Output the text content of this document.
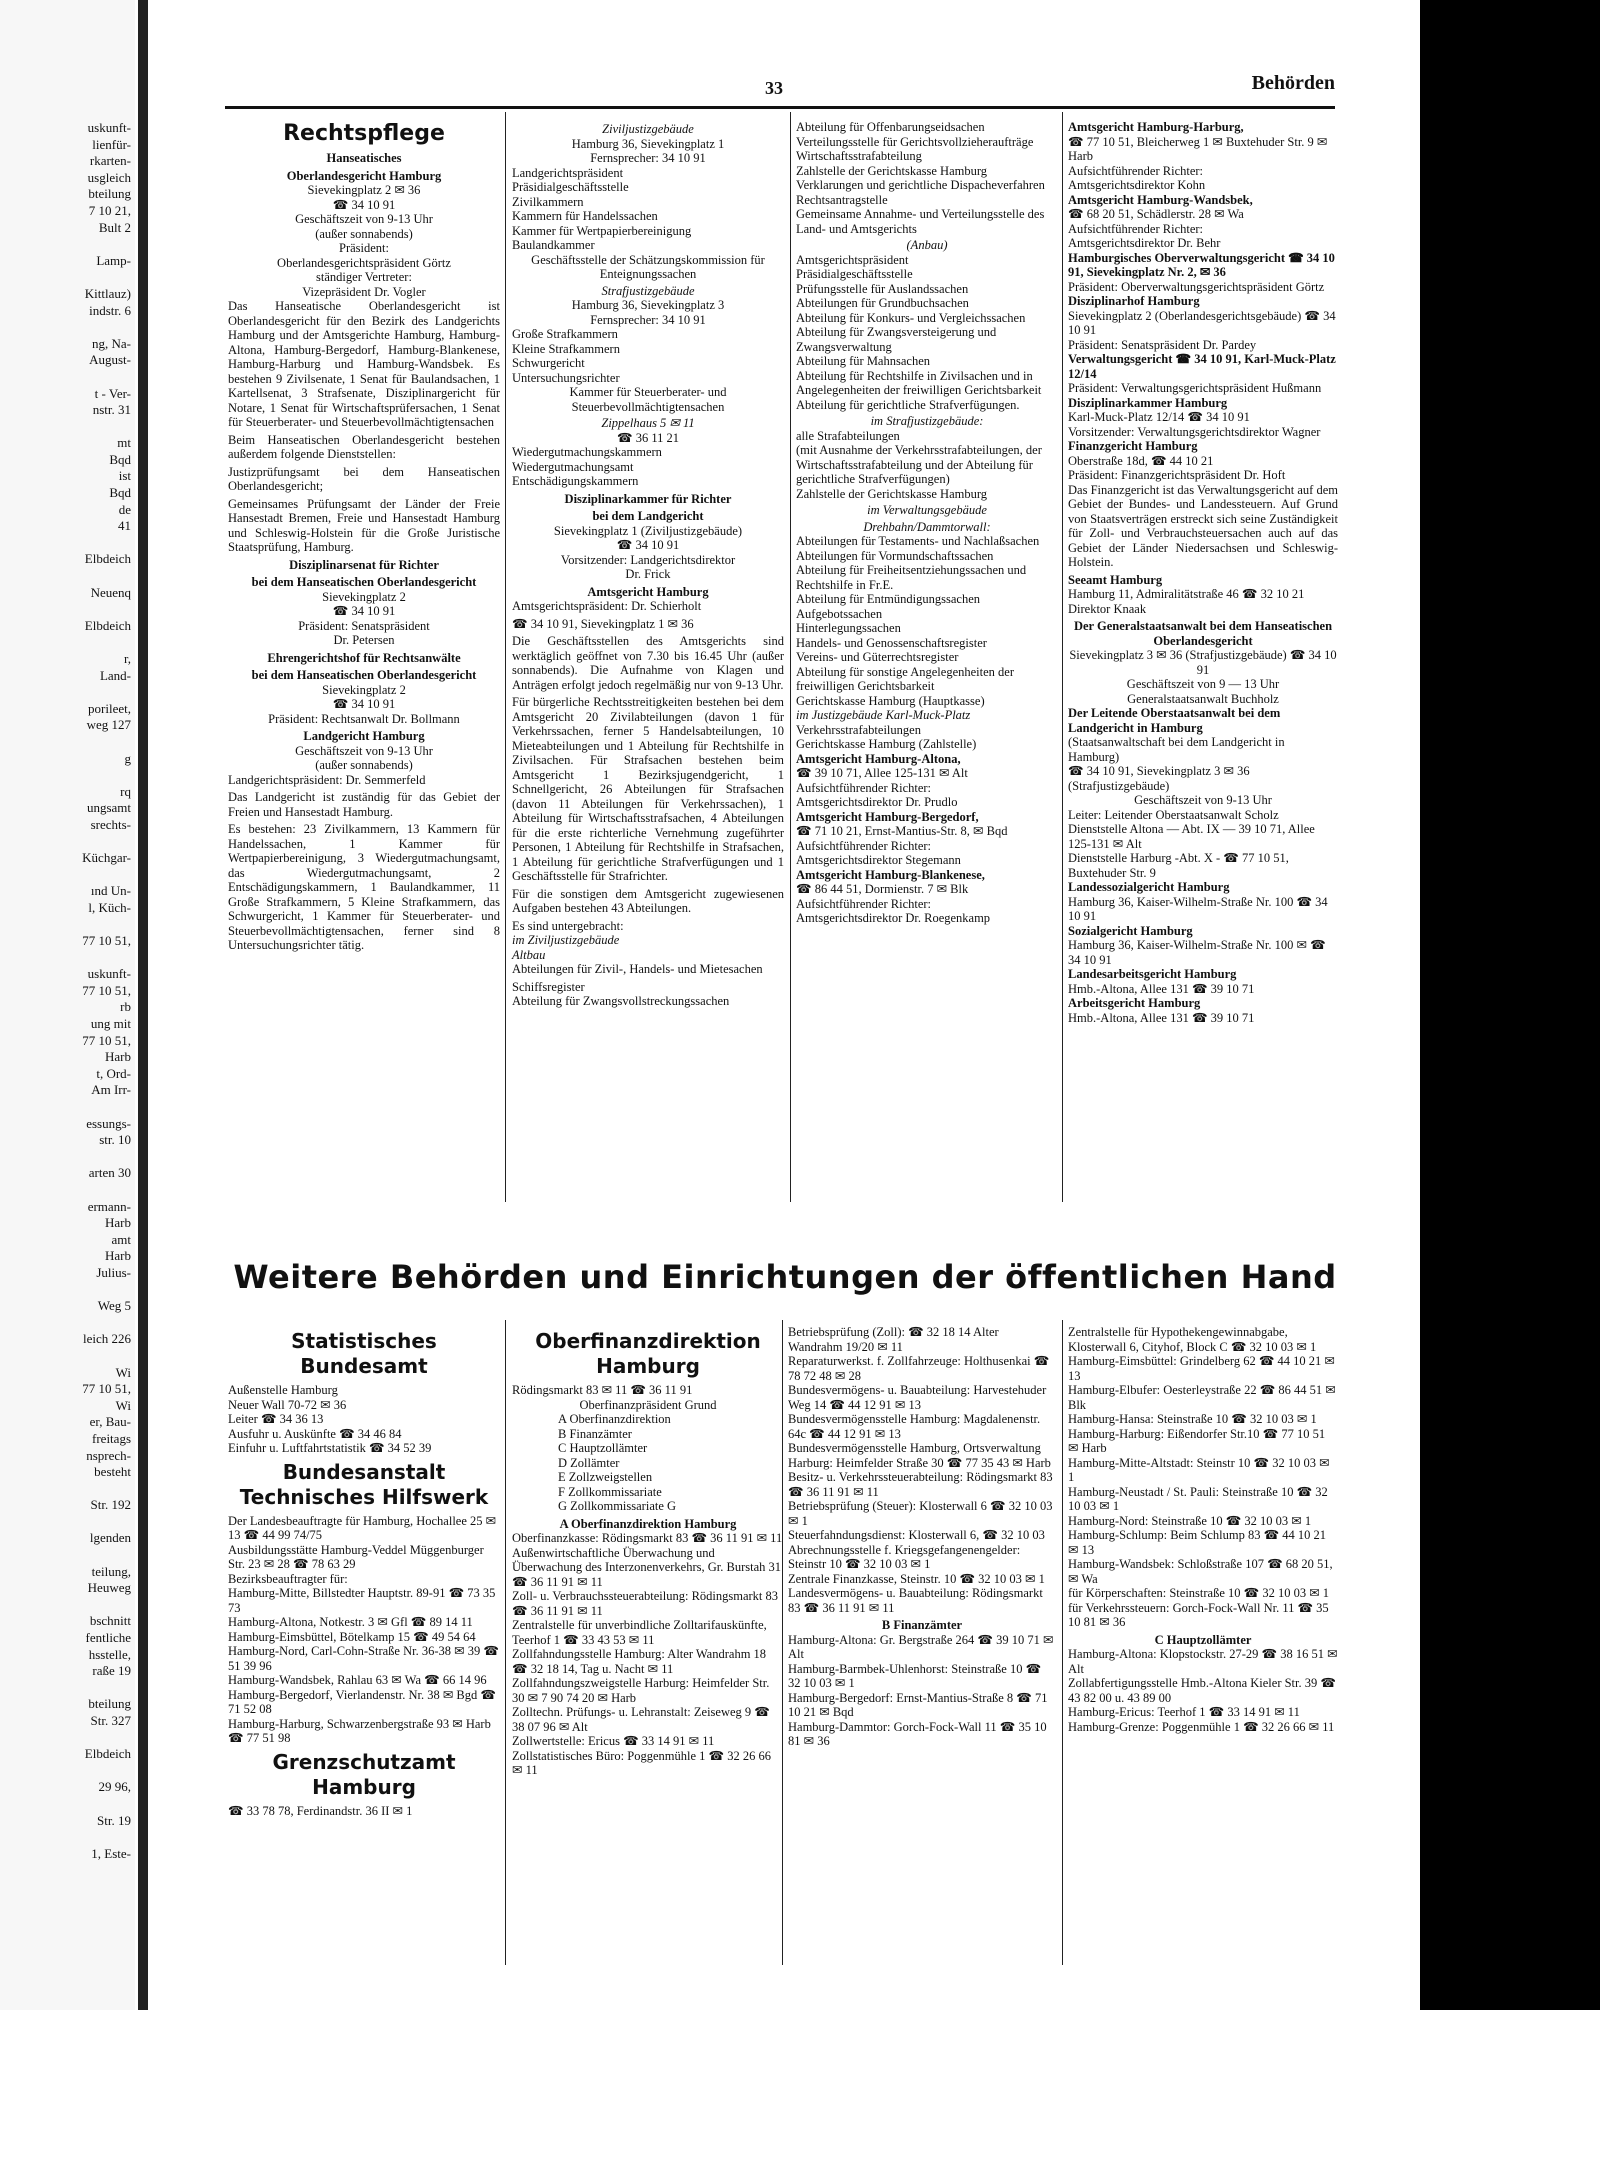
uskunft-
lienfür-
rkarten-
usgleich
bteilung
7 10 21,
Bult 2

Lamp-

Kittlauz)
indstr. 6

ng, Na-
August-

t - Ver-
nstr. 31

mt
Bqd
ist
Bqd
de
41

Elbdeich

Neuenq

Elbdeich

r,
Land-

porileet,
weg 127

g

rq
ungsamt
srechts-

Küchgar-

ınd Un-
l, Küch-

77 10 51,

uskunft-
77 10 51,
rb
ung mit
77 10 51,
Harb
t, Ord-
Am Irr-

essungs-
str. 10

arten 30

ermann-
Harb
amt
Harb
Julius-

Weg 5

leich 226

Wi
77 10 51,
Wi
er, Bau-
freitags
nsprech-
besteht

Str. 192

lgenden

teilung,
Heuweg

bschnitt
fentliche
hsstelle,
raße 19

bteilung
Str. 327

Elbdeich

29 96,

Str. 19

1, Este-
33	Behörden
Rechtspflege
Hanseatisches
Oberlandesgericht Hamburg
Sievekingplatz 2 ✉ 36
☎ 34 10 91
Geschäftszeit von 9-13 Uhr
(außer sonnabends)
Präsident:
Oberlandesgerichtspräsident Görtz
ständiger Vertreter:
Vizepräsident Dr. Vogler
Das Hanseatische Oberlandesgericht ist Oberlandesgericht für den Bezirk des Landgerichts Hamburg und der Amtsgerichte Hamburg, Hamburg-Altona, Hamburg-Bergedorf, Hamburg-Blankenese, Hamburg-Harburg und Hamburg-Wandsbek. Es bestehen 9 Zivilsenate, 1 Senat für Baulandsachen, 1 Kartellsenat, 3 Strafsenate, Disziplinargericht für Notare, 1 Senat für Wirtschaftsprüfersachen, 1 Senat für Steuerberater- und Steuerbevollmächtigtensachen
Beim Hanseatischen Oberlandesgericht bestehen außerdem folgende Dienststellen:
Justizprüfungsamt bei dem Hanseatischen Oberlandesgericht;
Gemeinsames Prüfungsamt der Länder der Freie Hansestadt Bremen, Freie und Hansestadt Hamburg und Schleswig-Holstein für die Große Juristische Staatsprüfung, Hamburg.
Disziplinarsenat für Richter
bei dem Hanseatischen Oberlandesgericht
Sievekingplatz 2
☎ 34 10 91
Präsident: Senatspräsident
Dr. Petersen
Ehrengerichtshof für Rechtsanwälte
bei dem Hanseatischen Oberlandesgericht
Sievekingplatz 2
☎ 34 10 91
Präsident: Rechtsanwalt Dr. Bollmann
Landgericht Hamburg
Geschäftszeit von 9-13 Uhr
(außer sonnabends)
Landgerichtspräsident: Dr. Semmerfeld
Das Landgericht ist zuständig für das Gebiet der Freien und Hansestadt Hamburg.
Es bestehen: 23 Zivilkammern, 13 Kammern für Handelssachen, 1 Kammer für Wertpapierbereinigung, 3 Wiedergutmachungsamt, das Wiedergutmachungsamt, 2 Entschädigungskammern, 1 Baulandkammer, 11 Große Strafkammern, 5 Kleine Strafkammern, das Schwurgericht, 1 Kammer für Steuerberater- und Steuerbevollmächtigtensachen, ferner sind 8 Untersuchungsrichter tätig.
Ziviljustizgebäude
Hamburg 36, Sievekingplatz 1
Fernsprecher: 34 10 91
Landgerichtspräsident
Präsidialgeschäftsstelle
Zivilkammern
Kammern für Handelssachen
Kammer für Wertpapierbereinigung
Baulandkammer
Geschäftsstelle der Schätzungskommission für Enteignungssachen
Strafjustizgebäude
Hamburg 36, Sievekingplatz 3
Fernsprecher: 34 10 91
Große Strafkammern
Kleine Strafkammern
Schwurgericht
Untersuchungsrichter
Kammer für Steuerberater- und Steuerbevollmächtigtensachen
Zippelhaus 5 ✉ 11
☎ 36 11 21
Wiedergutmachungskammern
Wiedergutmachungsamt
Entschädigungskammern
Disziplinarkammer für Richter
bei dem Landgericht
Sievekingplatz 1 (Ziviljustizgebäude)
☎ 34 10 91
Vorsitzender: Landgerichtsdirektor
Dr. Frick
Amtsgericht Hamburg
Amtsgerichtspräsident: Dr. Schierholt
☎ 34 10 91, Sievekingplatz 1 ✉ 36
Die Geschäftsstellen des Amtsgerichts sind werktäglich geöffnet von 7.30 bis 16.45 Uhr (außer sonnabends). Die Aufnahme von Klagen und Anträgen erfolgt jedoch regelmäßig nur von 9-13 Uhr.
Für bürgerliche Rechtsstreitigkeiten bestehen bei dem Amtsgericht 20 Zivilabteilungen (davon 1 für Verkehrssachen, ferner 5 Handelsabteilungen, 10 Mieteabteilungen und 1 Abteilung für Rechtshilfe in Zivilsachen. Für Strafsachen bestehen beim Amtsgericht 1 Bezirksjugendgericht, 1 Schnellgericht, 26 Abteilungen für Strafsachen (davon 11 Abteilungen für Verkehrssachen), 1 Abteilung für Wirtschaftsstrafsachen, 4 Abteilungen für die erste richterliche Vernehmung zugeführter Personen, 1 Abteilung für Rechtshilfe in Strafsachen, 1 Abteilung für gerichtliche Strafverfügungen und 1 Geschäftsstelle für Strafrichter.
Für die sonstigen dem Amtsgericht zugewiesenen Aufgaben bestehen 43 Abteilungen.
Es sind untergebracht:
im Ziviljustizgebäude
Altbau
Abteilungen für Zivil-, Handels- und Mietesachen
Schiffsregister
Abteilung für Zwangsvollstreckungssachen
Abteilung für Offenbarungseidsachen
Verteilungsstelle für Gerichtsvollzieheraufträge
Wirtschaftsstrafabteilung
Zahlstelle der Gerichtskasse Hamburg
Verklarungen und gerichtliche Dispacheverfahren
Rechtsantragstelle
Gemeinsame Annahme- und Verteilungsstelle des Land- und Amtsgerichts
(Anbau)
Amtsgerichtspräsident
Präsidialgeschäftsstelle
Prüfungsstelle für Auslandssachen
Abteilungen für Grundbuchsachen
Abteilung für Konkurs- und Vergleichssachen
Abteilung für Zwangsversteigerung und Zwangsverwaltung
Abteilung für Mahnsachen
Abteilung für Rechtshilfe in Zivilsachen und in Angelegenheiten der freiwilligen Gerichtsbarkeit
Abteilung für gerichtliche Strafverfügungen.
im Strafjustizgebäude:
alle Strafabteilungen
(mit Ausnahme der Verkehrsstrafabteilungen, der Wirtschaftsstrafabteilung und der Abteilung für gerichtliche Strafverfügungen)
Zahlstelle der Gerichtskasse Hamburg
im Verwaltungsgebäude
Drehbahn/Dammtorwall:
Abteilungen für Testaments- und Nachlaßsachen
Abteilungen für Vormundschaftssachen
Abteilung für Freiheitsentziehungssachen und Rechtshilfe in Fr.E.
Abteilung für Entmündigungssachen
Aufgebotssachen
Hinterlegungssachen
Handels- und Genossenschaftsregister
Vereins- und Güterrechtsregister
Abteilung für sonstige Angelegenheiten der freiwilligen Gerichtsbarkeit
Gerichtskasse Hamburg (Hauptkasse)
im Justizgebäude Karl-Muck-Platz
Verkehrsstrafabteilungen
Gerichtskasse Hamburg (Zahlstelle)
Amtsgericht Hamburg-Altona,
☎ 39 10 71, Allee 125-131 ✉ Alt
Aufsichtführender Richter:
Amtsgerichtsdirektor Dr. Prudlo
Amtsgericht Hamburg-Bergedorf,
☎ 71 10 21, Ernst-Mantius-Str. 8, ✉ Bqd
Aufsichtführender Richter:
Amtsgerichtsdirektor Stegemann
Amtsgericht Hamburg-Blankenese,
☎ 86 44 51, Dormienstr. 7 ✉ Blk
Aufsichtführender Richter:
Amtsgerichtsdirektor Dr. Roegenkamp
Amtsgericht Hamburg-Harburg,
☎ 77 10 51, Bleicherweg 1 ✉ Buxtehuder Str. 9 ✉ Harb
Aufsichtführender Richter:
Amtsgerichtsdirektor Kohn
Amtsgericht Hamburg-Wandsbek,
☎ 68 20 51, Schädlerstr. 28 ✉ Wa
Aufsichtführender Richter:
Amtsgerichtsdirektor Dr. Behr
Hamburgisches Oberverwaltungsgericht ☎ 34 10 91, Sievekingplatz Nr. 2, ✉ 36
Präsident: Oberverwaltungsgerichtspräsident Görtz
Disziplinarhof Hamburg
Sievekingplatz 2 (Oberlandesgerichtsgebäude) ☎ 34 10 91
Präsident: Senatspräsident Dr. Pardey
Verwaltungsgericht ☎ 34 10 91, Karl-Muck-Platz 12/14
Präsident: Verwaltungsgerichtspräsident Hußmann
Disziplinarkammer Hamburg
Karl-Muck-Platz 12/14 ☎ 34 10 91
Vorsitzender: Verwaltungsgerichtsdirektor Wagner
Finanzgericht Hamburg
Oberstraße 18d, ☎ 44 10 21
Präsident: Finanzgerichtspräsident Dr. Hoft
Das Finanzgericht ist das Verwaltungsgericht auf dem Gebiet der Bundes- und Landessteuern. Auf Grund von Staatsverträgen erstreckt sich seine Zuständigkeit für Zoll- und Verbrauchsteuersachen auch auf das Gebiet der Länder Niedersachsen und Schleswig-Holstein.
Seeamt Hamburg
Hamburg 11, Admiralitätstraße 46 ☎ 32 10 21
Direktor Knaak
Der Generalstaatsanwalt bei dem Hanseatischen Oberlandesgericht
Sievekingplatz 3 ✉ 36 (Strafjustizgebäude) ☎ 34 10 91
Geschäftszeit von 9 — 13 Uhr
Generalstaatsanwalt Buchholz
Der Leitende Oberstaatsanwalt bei dem Landgericht in Hamburg
(Staatsanwaltschaft bei dem Landgericht in Hamburg)
☎ 34 10 91, Sievekingplatz 3 ✉ 36
(Strafjustizgebäude)
Geschäftszeit von 9-13 Uhr
Leiter: Leitender Oberstaatsanwalt Scholz
Dienststelle Altona — Abt. IX — 39 10 71, Allee 125-131 ✉ Alt
Dienststelle Harburg -Abt. X - ☎ 77 10 51, Buxtehuder Str. 9
Landessozialgericht Hamburg
Hamburg 36, Kaiser-Wilhelm-Straße Nr. 100 ☎ 34 10 91
Sozialgericht Hamburg
Hamburg 36, Kaiser-Wilhelm-Straße Nr. 100 ✉ ☎ 34 10 91
Landesarbeitsgericht Hamburg
Hmb.-Altona, Allee 131 ☎ 39 10 71
Arbeitsgericht Hamburg
Hmb.-Altona, Allee 131 ☎ 39 10 71
Weitere Behörden und Einrichtungen der öffentlichen Hand
Statistisches Bundesamt
Außenstelle Hamburg
Neuer Wall 70-72 ✉ 36
Leiter ☎ 34 36 13
Ausfuhr u. Auskünfte ☎ 34 46 84
Einfuhr u. Luftfahrtstatistik ☎ 34 52 39
Bundesanstalt Technisches Hilfswerk
Der Landesbeauftragte für Hamburg, Hochallee 25 ✉ 13 ☎ 44 99 74/75
Ausbildungsstätte Hamburg-Veddel Müggenburger Str. 23 ✉ 28 ☎ 78 63 29
Bezirksbeauftragter für:
Hamburg-Mitte, Billstedter Hauptstr. 89-91 ☎ 73 35 73
Hamburg-Altona, Notkestr. 3 ✉ Gfl ☎ 89 14 11
Hamburg-Eimsbüttel, Bötelkamp 15 ☎ 49 54 64
Hamburg-Nord, Carl-Cohn-Straße Nr. 36-38 ✉ 39 ☎ 51 39 96
Hamburg-Wandsbek, Rahlau 63 ✉ Wa ☎ 66 14 96
Hamburg-Bergedorf, Vierlandenstr. Nr. 38 ✉ Bgd ☎ 71 52 08
Hamburg-Harburg, Schwarzenbergstraße 93 ✉ Harb ☎ 77 51 98
Grenzschutzamt Hamburg
☎ 33 78 78, Ferdinandstr. 36 II ✉ 1
Oberfinanzdirektion Hamburg
Rödingsmarkt 83 ✉ 11 ☎ 36 11 91
Oberfinanzpräsident Grund
A Oberfinanzdirektion
B Finanzämter
C Hauptzollämter
D Zollämter
E Zollzweigstellen
F Zollkommissariate
G Zollkommissariate G
A Oberfinanzdirektion Hamburg
Oberfinanzkasse: Rödingsmarkt 83 ☎ 36 11 91 ✉ 11
Außenwirtschaftliche Überwachung und Überwachung des Interzonenverkehrs, Gr. Burstah 31 ☎ 36 11 91 ✉ 11
Zoll- u. Verbrauchssteuerabteilung: Rödingsmarkt 83 ☎ 36 11 91 ✉ 11
Zentralstelle für unverbindliche Zolltarifauskünfte, Teerhof 1 ☎ 33 43 53 ✉ 11
Zollfahndungsstelle Hamburg: Alter Wandrahm 18 ☎ 32 18 14, Tag u. Nacht ✉ 11
Zollfahndungszweigstelle Harburg: Heimfelder Str. 30 ✉ 7 90 74 20 ✉ Harb
Zolltechn. Prüfungs- u. Lehranstalt: Zeiseweg 9 ☎ 38 07 96 ✉ Alt
Zollwertstelle: Ericus ☎ 33 14 91 ✉ 11
Zollstatistisches Büro: Poggenmühle 1 ☎ 32 26 66 ✉ 11
Betriebsprüfung (Zoll): ☎ 32 18 14 Alter Wandrahm 19/20 ✉ 11
Reparaturwerkst. f. Zollfahrzeuge: Holthusenkai ☎ 78 72 48 ✉ 28
Bundesvermögens- u. Bauabteilung: Harvestehuder Weg 14 ☎ 44 12 91 ✉ 13
Bundesvermögensstelle Hamburg: Magdalenenstr. 64c ☎ 44 12 91 ✉ 13
Bundesvermögensstelle Hamburg, Ortsverwaltung Harburg: Heimfelder Straße 30 ☎ 77 35 43 ✉ Harb
Besitz- u. Verkehrssteuerabteilung: Rödingsmarkt 83 ☎ 36 11 91 ✉ 11
Betriebsprüfung (Steuer): Klosterwall 6 ☎ 32 10 03 ✉ 1
Steuerfahndungsdienst: Klosterwall 6, ☎ 32 10 03
Abrechnungsstelle f. Kriegsgefangenengelder: Steinstr 10 ☎ 32 10 03 ✉ 1
Zentrale Finanzkasse, Steinstr. 10 ☎ 32 10 03 ✉ 1
Landesvermögens- u. Bauabteilung: Rödingsmarkt 83 ☎ 36 11 91 ✉ 11
B Finanzämter
Hamburg-Altona: Gr. Bergstraße 264 ☎ 39 10 71 ✉ Alt
Hamburg-Barmbek-Uhlenhorst: Steinstraße 10 ☎ 32 10 03 ✉ 1
Hamburg-Bergedorf: Ernst-Mantius-Straße 8 ☎ 71 10 21 ✉ Bqd
Hamburg-Dammtor: Gorch-Fock-Wall 11 ☎ 35 10 81 ✉ 36
Zentralstelle für Hypothekengewinnabgabe, Klosterwall 6, Cityhof, Block C ☎ 32 10 03 ✉ 1
Hamburg-Eimsbüttel: Grindelberg 62 ☎ 44 10 21 ✉ 13
Hamburg-Elbufer: Oesterleystraße 22 ☎ 86 44 51 ✉ Blk
Hamburg-Hansa: Steinstraße 10 ☎ 32 10 03 ✉ 1
Hamburg-Harburg: Eißendorfer Str.10 ☎ 77 10 51 ✉ Harb
Hamburg-Mitte-Altstadt: Steinstr 10 ☎ 32 10 03 ✉ 1
Hamburg-Neustadt / St. Pauli: Steinstraße 10 ☎ 32 10 03 ✉ 1
Hamburg-Nord: Steinstraße 10 ☎ 32 10 03 ✉ 1
Hamburg-Schlump: Beim Schlump 83 ☎ 44 10 21 ✉ 13
Hamburg-Wandsbek: Schloßstraße 107 ☎ 68 20 51, ✉ Wa
für Körperschaften: Steinstraße 10 ☎ 32 10 03 ✉ 1
für Verkehrssteuern: Gorch-Fock-Wall Nr. 11 ☎ 35 10 81 ✉ 36
C Hauptzollämter
Hamburg-Altona: Klopstockstr. 27-29 ☎ 38 16 51 ✉ Alt
Zollabfertigungsstelle Hmb.-Altona Kieler Str. 39 ☎ 43 82 00 u. 43 89 00
Hamburg-Ericus: Teerhof 1 ☎ 33 14 91 ✉ 11
Hamburg-Grenze: Poggenmühle 1 ☎ 32 26 66 ✉ 11
